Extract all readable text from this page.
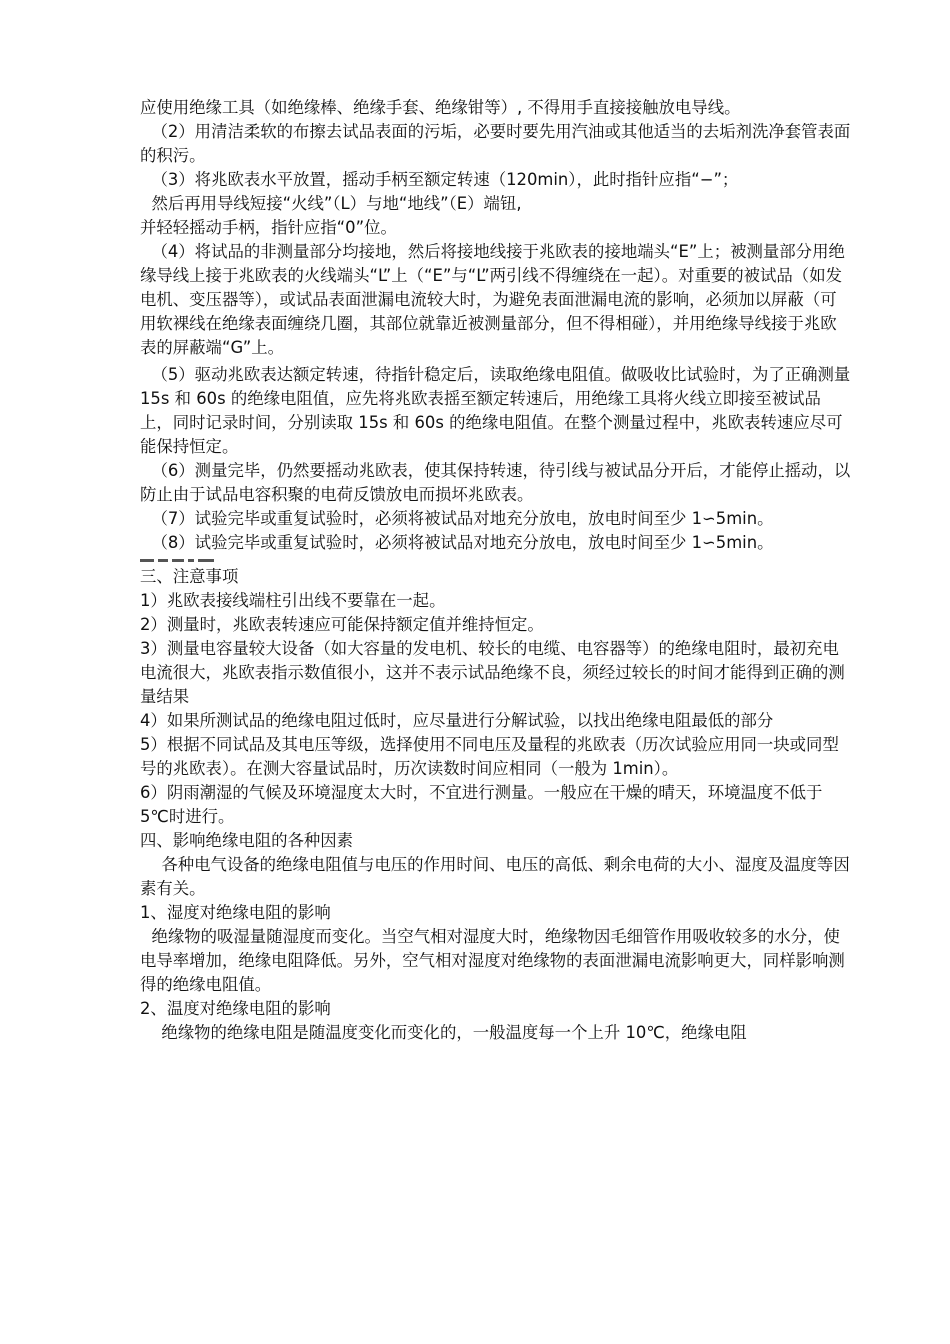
应使用绝缘工具（如绝缘棒、绝缘手套、绝缘钳等）, 不得用手直接接触放电导线。

（2）用清洁柔软的布擦去试品表面的污垢，必要时要先用汽油或其他适当的去垢剂洗净套管表面的积污。

（3）将兆欧表水平放置，摇动手柄至额定转速（120min），此时指针应指“−”；

然后再用导线短接“火线”（L）与地“地线”（E）端钮,

并轻轻摇动手柄，指针应指“0”位。

（4）将试品的非测量部分均接地，然后将接地线接于兆欧表的接地端头“E”上；被测量部分用绝缘导线上接于兆欧表的火线端头“L”上（“E”与“L”两引线不得缠绕在一起）。对重要的被试品（如发电机、变压器等），或试品表面泄漏电流较大时，为避免表面泄漏电流的影响，必须加以屏蔽（可用软裸线在绝缘表面缠绕几圈，其部位就靠近被测量部分，但不得相碰），并用绝缘导线接于兆欧表的屏蔽端“G”上。

（5）驱动兆欧表达额定转速，待指针稳定后，读取绝缘电阻值。做吸收比试验时，为了正确测量 15s 和 60s 的绝缘电阻值，应先将兆欧表摇至额定转速后，用绝缘工具将火线立即接至被试品上，同时记录时间，分别读取 15s 和 60s 的绝缘电阻值。在整个测量过程中，兆欧表转速应尽可能保持恒定。

（6）测量完毕，仍然要摇动兆欧表，使其保持转速，待引线与被试品分开后，才能停止摇动，以防止由于试品电容积聚的电荷反馈放电而损坏兆欧表。

（7）试验完毕或重复试验时，必须将被试品对地充分放电，放电时间至少 1∽5min。

（8）试验完毕或重复试验时，必须将被试品对地充分放电，放电时间至少 1∽5min。

三、注意事项

1）兆欧表接线端柱引出线不要靠在一起。

2）测量时，兆欧表转速应可能保持额定值并维持恒定。

3）测量电容量较大设备（如大容量的发电机、较长的电缆、电容器等）的绝缘电阻时，最初充电电流很大，兆欧表指示数值很小，这并不表示试品绝缘不良，须经过较长的时间才能得到正确的测量结果

4）如果所测试品的绝缘电阻过低时，应尽量进行分解试验，以找出绝缘电阻最低的部分

5）根据不同试品及其电压等级，选择使用不同电压及量程的兆欧表（历次试验应用同一块或同型号的兆欧表）。在测大容量试品时，历次读数时间应相同（一般为 1min）。

6）阴雨潮湿的气候及环境湿度太大时，不宜进行测量。一般应在干燥的晴天，环境温度不低于 5℃时进行。

四、影响绝缘电阻的各种因素

各种电气设备的绝缘电阻值与电压的作用时间、电压的高低、剩余电荷的大小、湿度及温度等因素有关。

1、湿度对绝缘电阻的影响

绝缘物的吸湿量随湿度而变化。当空气相对湿度大时，绝缘物因毛细管作用吸收较多的水分，使电导率增加，绝缘电阻降低。另外，空气相对湿度对绝缘物的表面泄漏电流影响更大，同样影响测得的绝缘电阻值。

2、温度对绝缘电阻的影响

绝缘物的绝缘电阻是随温度变化而变化的，一般温度每一个上升 10℃，绝缘电阻
